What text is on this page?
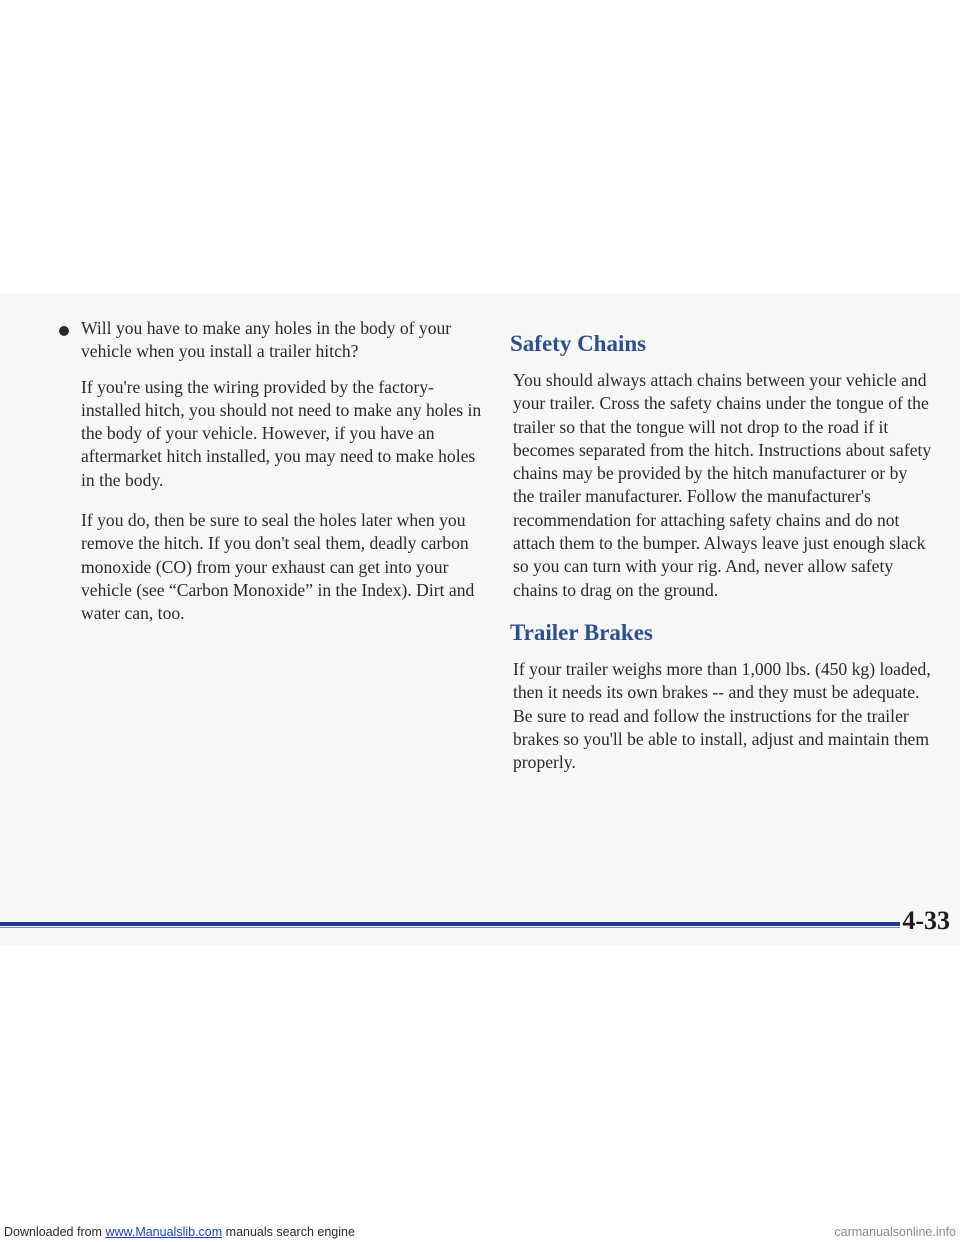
Will you have to make any holes in the body of your vehicle when you install a trailer hitch?

If you're using the wiring provided by the factory-installed hitch, you should not need to make any holes in the body of your vehicle. However, if you have an aftermarket hitch installed, you may need to make holes in the body.

If you do, then be sure to seal the holes later when you remove the hitch. If you don't seal them, deadly carbon monoxide (CO) from your exhaust can get into your vehicle (see “Carbon Monoxide” in the Index). Dirt and water can, too.

Safety Chains

You should always attach chains between your vehicle and your trailer. Cross the safety chains under the tongue of the trailer so that the tongue will not drop to the road if it becomes separated from the hitch. Instructions about safety chains may be provided by the hitch manufacturer or by the trailer manufacturer. Follow the manufacturer's recommendation for attaching safety chains and do not attach them to the bumper. Always leave just enough slack so you can turn with your rig. And, never allow safety chains to drag on the ground.

Trailer Brakes

If your trailer weighs more than 1,000 lbs. (450 kg) loaded, then it needs its own brakes -- and they must be adequate. Be sure to read and follow the instructions for the trailer brakes so you'll be able to install, adjust and maintain them properly.

4-33
Downloaded from www.Manualslib.com manuals search engine	carmanualsonline.info
